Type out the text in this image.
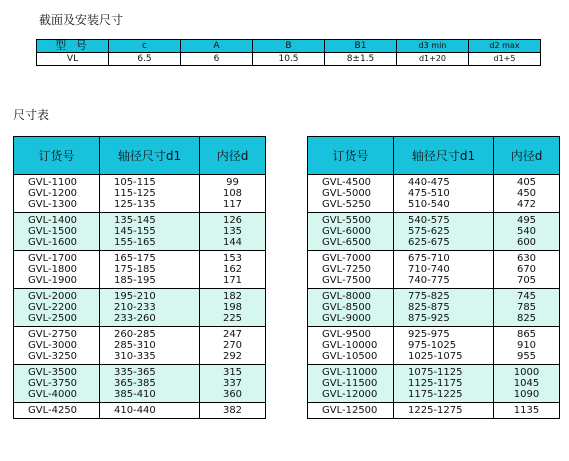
截面及安装尺寸
型 号	c	A	B	B1	d3 min	d2 max
VL	6.5	6	10.5	8±1.5	d1+20	d1+5
尺寸表
订货号	轴径尺寸d1	内径d
GVL-1100	105-115	99
GVL-1200	115-125	108
GVL-1300	125-135	117
GVL-1400	135-145	126
GVL-1500	145-155	135
GVL-1600	155-165	144
GVL-1700	165-175	153
GVL-1800	175-185	162
GVL-1900	185-195	171
GVL-2000	195-210	182
GVL-2200	210-233	198
GVL-2500	233-260	225
GVL-2750	260-285	247
GVL-3000	285-310	270
GVL-3250	310-335	292
GVL-3500	335-365	315
GVL-3750	365-385	337
GVL-4000	385-410	360
GVL-4250	410-440	382
订货号	轴径尺寸d1	内径d
GVL-4500	440-475	405
GVL-5000	475-510	450
GVL-5250	510-540	472
GVL-5500	540-575	495
GVL-6000	575-625	540
GVL-6500	625-675	600
GVL-7000	675-710	630
GVL-7250	710-740	670
GVL-7500	740-775	705
GVL-8000	775-825	745
GVL-8500	825-875	785
GVL-9000	875-925	825
GVL-9500	925-975	865
GVL-10000	975-1025	910
GVL-10500	1025-1075	955
GVL-11000	1075-1125	1000
GVL-11500	1125-1175	1045
GVL-12000	1175-1225	1090
GVL-12500	1225-1275	1135
